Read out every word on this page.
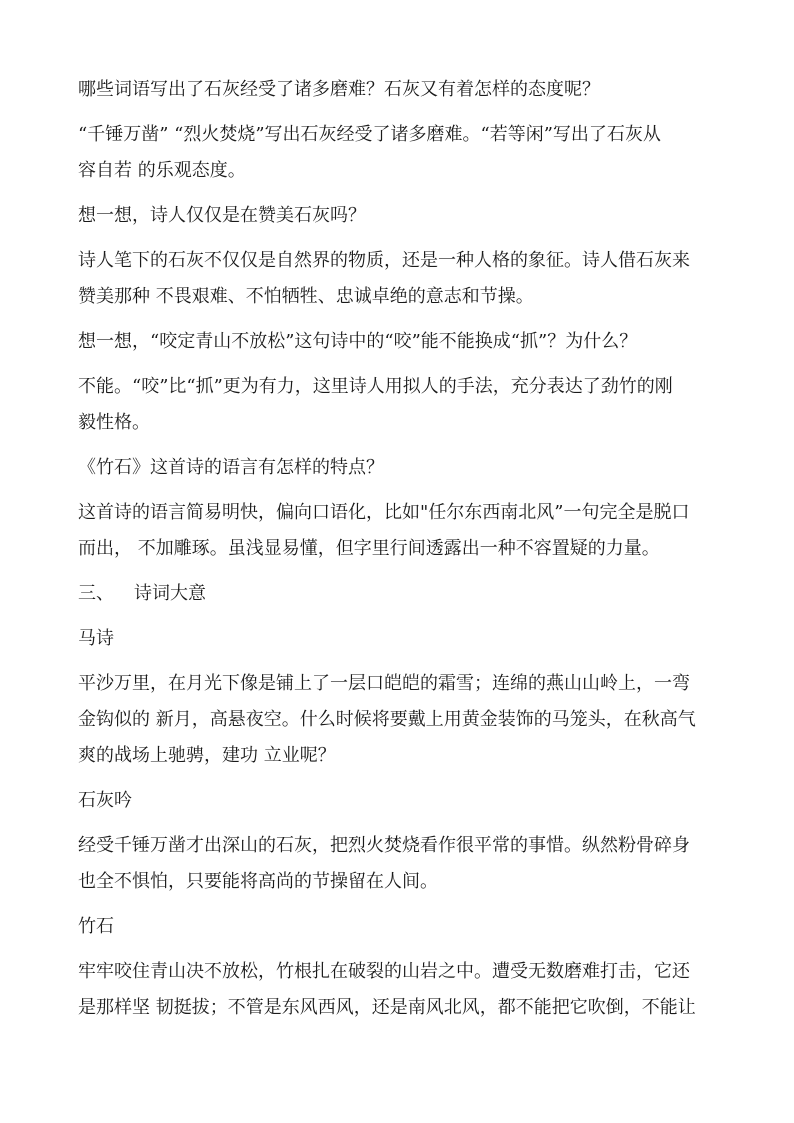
哪些词语写出了石灰经受了诸多磨难？石灰又有着怎样的态度呢？
“千锤万凿” “烈火焚烧”写出石灰经受了诸多磨难。“若等闲”写出了石灰从
容自若 的乐观态度。
想一想，诗人仅仅是在赞美石灰吗？
诗人笔下的石灰不仅仅是自然界的物质，还是一种人格的象征。诗人借石灰来
赞美那种 不畏艰难、不怕牺牲、忠诚卓绝的意志和节操。
想一想，“咬定青山不放松”这句诗中的“咬”能不能换成“抓”？为什么？
不能。“咬”比“抓”更为有力，这里诗人用拟人的手法，充分表达了劲竹的刚
毅性格。
《竹石》这首诗的语言有怎样的特点？
这首诗的语言简易明快，偏向口语化，比如"任尔东西南北风”一句完全是脱口
而出， 不加雕琢。虽浅显易懂，但字里行间透露出一种不容置疑的力量。
三、 诗词大意
马诗
平沙万里，在月光下像是铺上了一层口皑皑的霜雪；连绵的燕山山岭上，一弯
金钩似的 新月，高悬夜空。什么时候将要戴上用黄金装饰的马笼头，在秋高气
爽的战场上驰骋，建功 立业呢？
石灰吟
经受千锤万凿才出深山的石灰，把烈火焚烧看作很平常的事惜。纵然粉骨碎身
也全不惧怕，只要能将高尚的节操留在人间。
竹石
牢牢咬住青山决不放松，竹根扎在破裂的山岩之中。遭受无数磨难打击，它还
是那样坚 韧挺拔；不管是东风西风，还是南风北风，都不能把它吹倒，不能让
